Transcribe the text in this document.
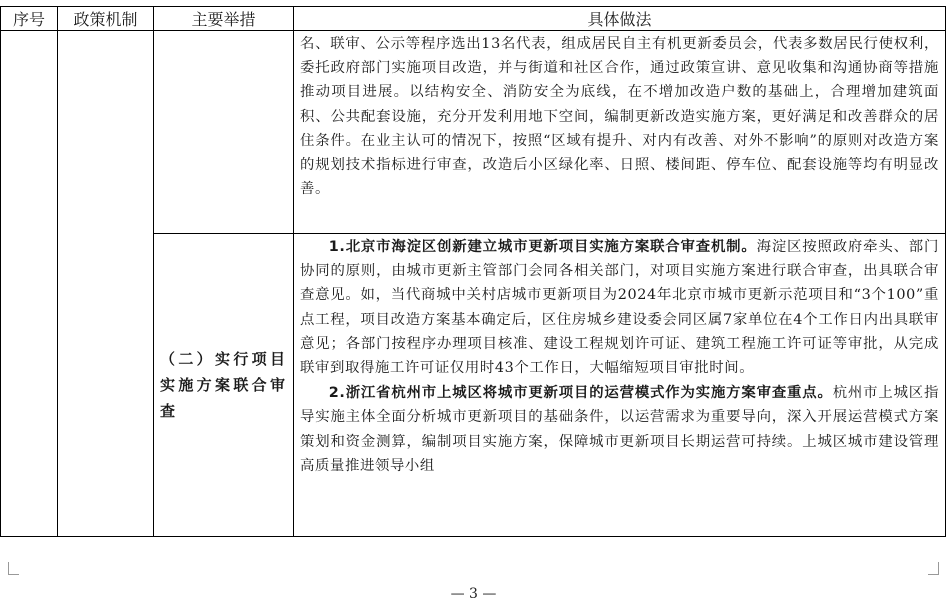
序号	政策机制	主要举措	具体做法

			名、联审、公示等程序选出13名代表，组成居民自主有机更新委员会，代表多数居民行使权利，委托政府部门实施项目改造，并与街道和社区合作，通过政策宣讲、意见收集和沟通协商等措施推动项目进展。以结构安全、消防安全为底线，在不增加改造户数的基础上，合理增加建筑面积、公共配套设施，充分开发利用地下空间，编制更新改造实施方案，更好满足和改善群众的居住条件。在业主认可的情况下，按照“区域有提升、对内有改善、对外不影响”的原则对改造方案的规划技术指标进行审查，改造后小区绿化率、日照、楼间距、停车位、配套设施等均有明显改善。

		（二）实行项目实施方案联合审查	1.北京市海淀区创新建立城市更新项目实施方案联合审查机制。海淀区按照政府牵头、部门协同的原则，由城市更新主管部门会同各相关部门，对项目实施方案进行联合审查，出具联合审查意见。如，当代商城中关村店城市更新项目为2024年北京市城市更新示范项目和“3个100”重点工程，项目改造方案基本确定后，区住房城乡建设委会同区属7家单位在4个工作日内出具联审意见；各部门按程序办理项目核准、建设工程规划许可证、建筑工程施工许可证等审批，从完成联审到取得施工许可证仅用时43个工作日，大幅缩短项目审批时间。

2.浙江省杭州市上城区将城市更新项目的运营模式作为实施方案审查重点。杭州市上城区指导实施主体全面分析城市更新项目的基础条件，以运营需求为重要导向，深入开展运营模式方案策划和资金测算，编制项目实施方案，保障城市更新项目长期运营可持续。上城区城市建设管理高质量推进领导小组

— 3 —
